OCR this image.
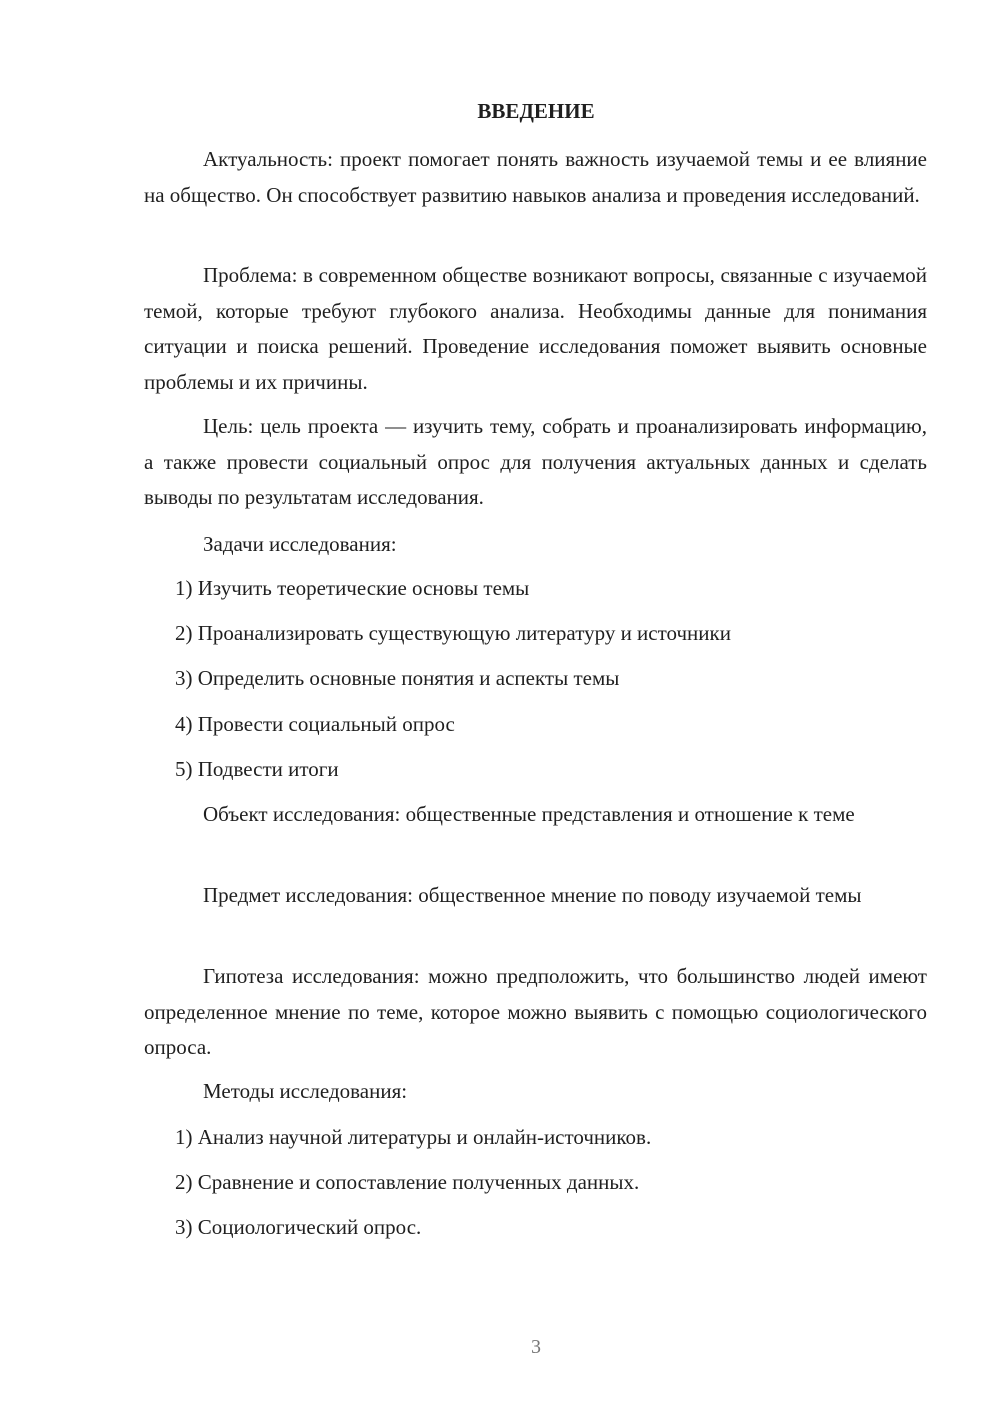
ВВЕДЕНИЕ

Актуальность: проект помогает понять важность изучаемой темы и ее влияние на общество. Он способствует развитию навыков анализа и проведения исследований.

Проблема: в современном обществе возникают вопросы, связанные с изучаемой темой, которые требуют глубокого анализа. Необходимы данные для понимания ситуации и поиска решений. Проведение исследования поможет выявить основные проблемы и их причины.

Цель: цель проекта — изучить тему, собрать и проанализировать информацию, а также провести социальный опрос для получения актуальных данных и сделать выводы по результатам исследования.

Задачи исследования:

1) Изучить теоретические основы темы

2) Проанализировать существующую литературу и источники

3) Определить основные понятия и аспекты темы

4) Провести социальный опрос

5) Подвести итоги

Объект исследования: общественные представления и отношение к теме

Предмет исследования: общественное мнение по поводу изучаемой темы

Гипотеза исследования: можно предположить, что большинство людей имеют определенное мнение по теме, которое можно выявить с помощью социологического опроса.

Методы исследования:

1) Анализ научной литературы и онлайн-источников.

2) Сравнение и сопоставление полученных данных.

3) Социологический опрос.

3
